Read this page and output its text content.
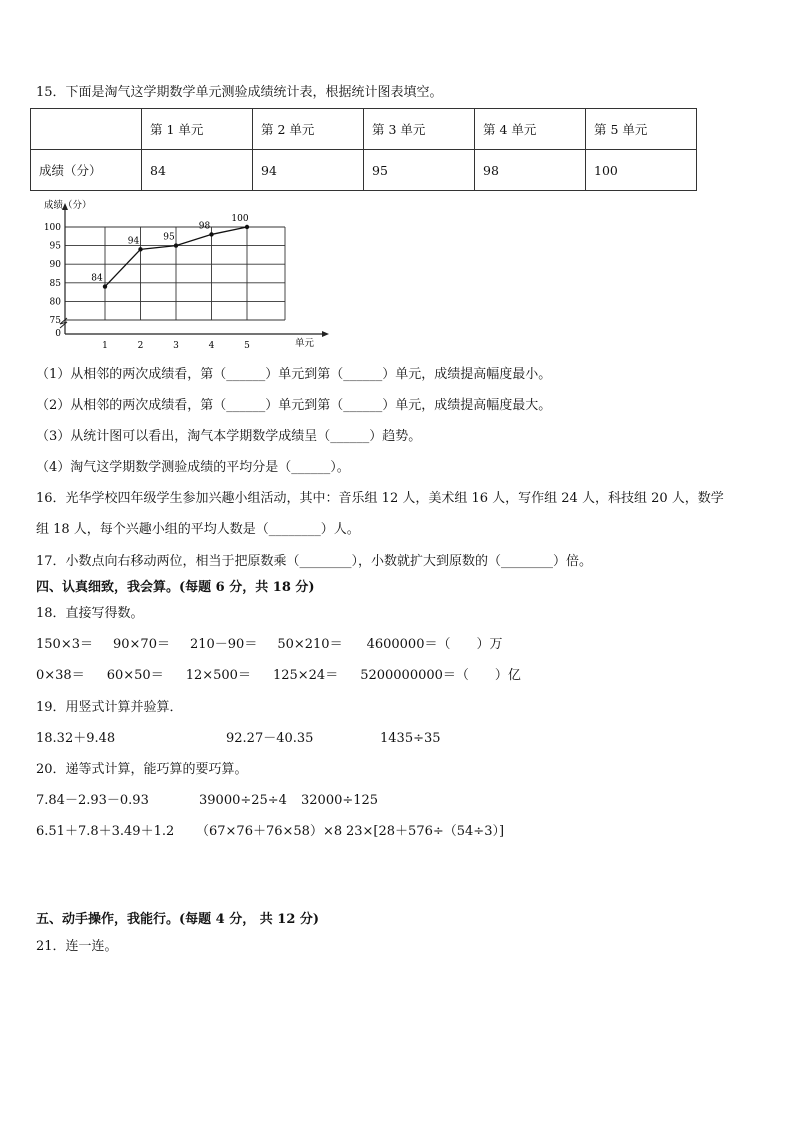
15．下面是淘气这学期数学单元测验成绩统计表，根据统计图表填空。
	第 1 单元	第 2 单元	第 3 单元	第 4 单元	第 5 单元
成绩（分）	84	94	95	98	100
成绩（分）
单元
0
75
80
85
90
95
100
1	2	3	4	5
84
94	95
98
100
（1）从相邻的两次成绩看，第（______）单元到第（______）单元，成绩提高幅度最小。
（2）从相邻的两次成绩看，第（______）单元到第（______）单元，成绩提高幅度最大。
（3）从统计图可以看出，淘气本学期数学成绩呈（______）趋势。
（4）淘气这学期数学测验成绩的平均分是（______）。
16．光华学校四年级学生参加兴趣小组活动，其中：音乐组 12 人，美术组 16 人，写作组 24 人，科技组 20 人，数学
组 18 人，每个兴趣小组的平均人数是（________）人。
17．小数点向右移动两位，相当于把原数乘（________），小数就扩大到原数的（________）倍。
四、认真细致，我会算。(每题 6 分，共 18 分)
18．直接写得数。
150×3＝ 90×70＝ 210－90＝ 50×210＝ 4600000＝（　　）万
0×38＝ 60×50＝ 12×500＝ 125×24＝ 5200000000＝（　　）亿
19．用竖式计算并验算．
18.32＋9.48	92.27－40.35	1435÷35
20．递等式计算，能巧算的要巧算。
7.84－2.93－0.93	39000÷25÷4 32000÷125
6.51＋7.8＋3.49＋1.2 （67×76＋76×58）×8 23×[28＋576÷（54÷3）]
五、动手操作，我能行。(每题 4 分， 共 12 分)
21．连一连。
